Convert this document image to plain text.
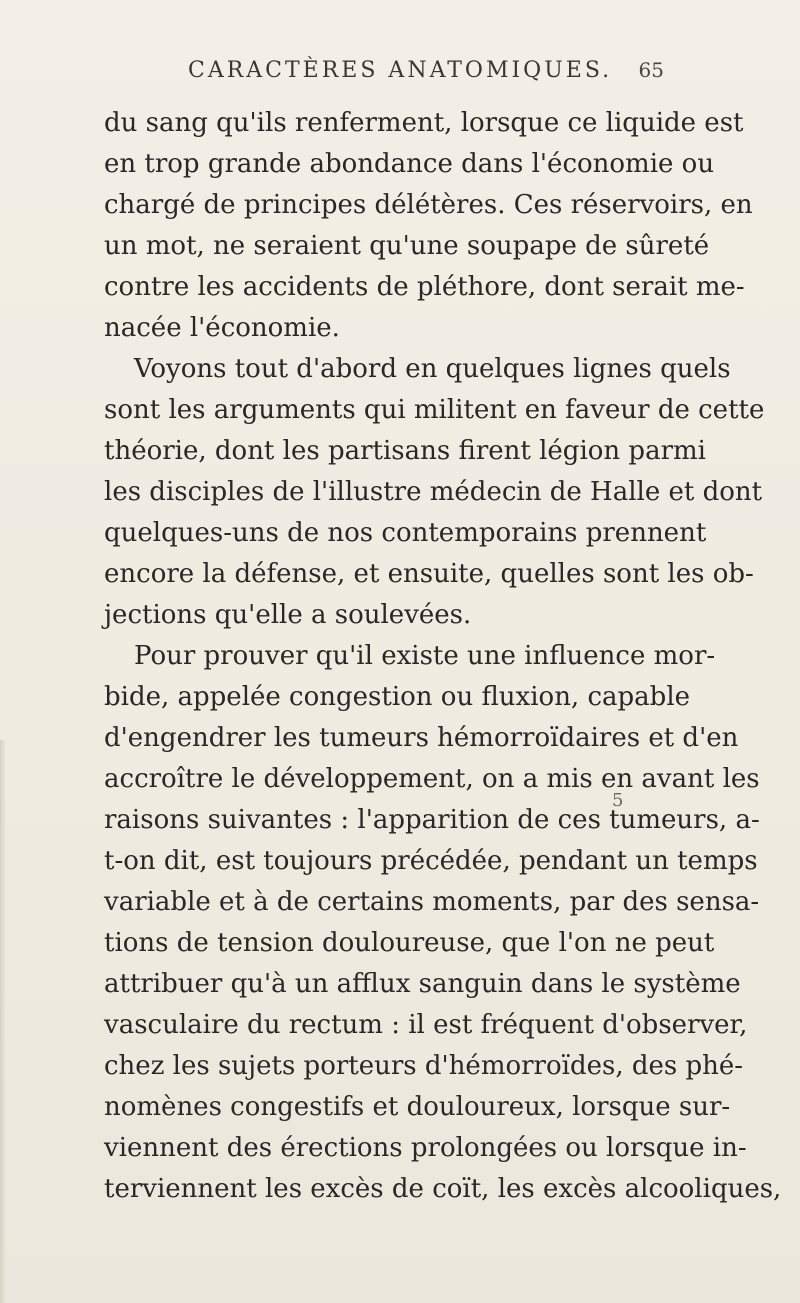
CARACTÈRES ANATOMIQUES. 65
du sang qu'ils renferment, lorsque ce liquide est
en trop grande abondance dans l'économie ou
chargé de principes délétères. Ces réservoirs, en
un mot, ne seraient qu'une soupape de sûreté
contre les accidents de pléthore, dont serait me-
nacée l'économie.
Voyons tout d'abord en quelques lignes quels
sont les arguments qui militent en faveur de cette
théorie, dont les partisans firent légion parmi
les disciples de l'illustre médecin de Halle et dont
quelques-uns de nos contemporains prennent
encore la défense, et ensuite, quelles sont les ob-
jections qu'elle a soulevées.
Pour prouver qu'il existe une influence mor-
bide, appelée congestion ou fluxion, capable
d'engendrer les tumeurs hémorroïdaires et d'en
accroître le développement, on a mis en avant les
raisons suivantes : l'apparition de ces tumeurs, a-
t-on dit, est toujours précédée, pendant un temps
variable et à de certains moments, par des sensa-
tions de tension douloureuse, que l'on ne peut
attribuer qu'à un afflux sanguin dans le système
vasculaire du rectum : il est fréquent d'observer,
chez les sujets porteurs d'hémorroïdes, des phé-
nomènes congestifs et douloureux, lorsque sur-
viennent des érections prolongées ou lorsque in-
terviennent les excès de coït, les excès alcooliques,
5
